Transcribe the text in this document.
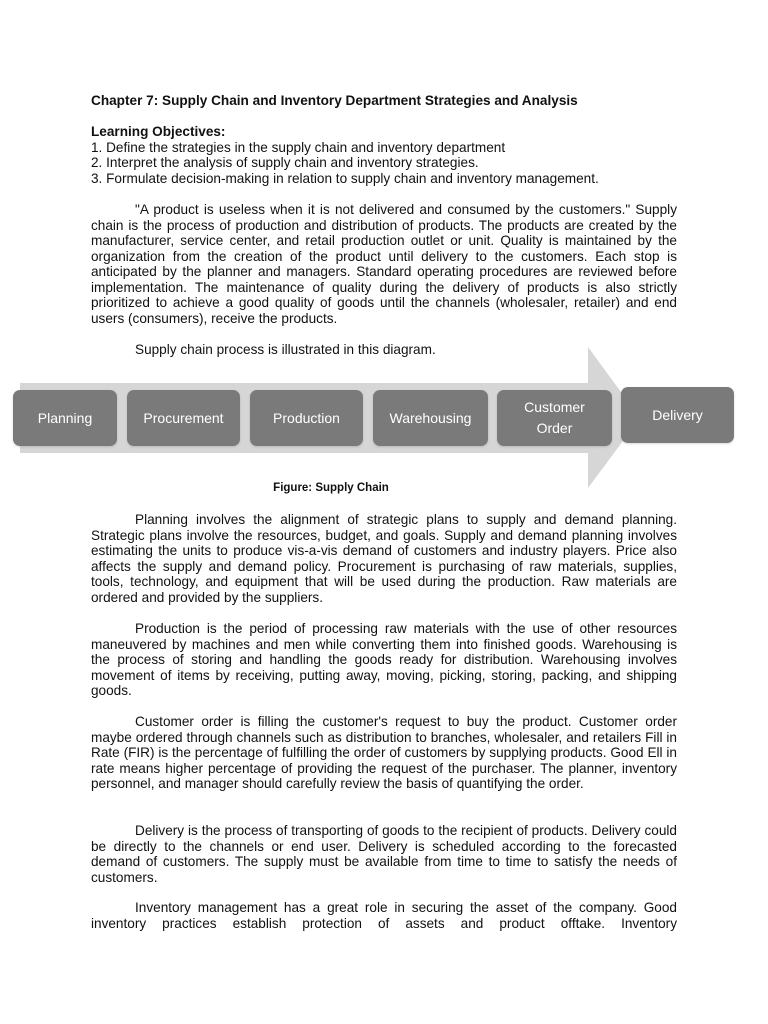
Chapter 7: Supply Chain and Inventory Department Strategies and Analysis
Learning Objectives:
1. Define the strategies in the supply chain and inventory department
2. Interpret the analysis of supply chain and inventory strategies.
3. Formulate decision-making in relation to supply chain and inventory management.

"A product is useless when it is not delivered and consumed by the customers." Supply chain is the process of production and distribution of products. The products are created by the manufacturer, service center, and retail production outlet or unit. Quality is maintained by the organization from the creation of the product until delivery to the customers. Each stop is anticipated by the planner and managers. Standard operating procedures are reviewed before implementation. The maintenance of quality during the delivery of products is also strictly prioritized to achieve a good quality of goods until the channels (wholesaler, retailer) and end users (consumers), receive the products.

Supply chain process is illustrated in this diagram.

Planning	Procurement	Production	Warehousing
Customer Order
Delivery
Figure: Supply Chain

Planning involves the alignment of strategic plans to supply and demand planning. Strategic plans involve the resources, budget, and goals. Supply and demand planning involves estimating the units to produce vis-a-vis demand of customers and industry players. Price also affects the supply and demand policy. Procurement is purchasing of raw materials, supplies, tools, technology, and equipment that will be used during the production. Raw materials are ordered and provided by the suppliers.

Production is the period of processing raw materials with the use of other resources maneuvered by machines and men while converting them into finished goods. Warehousing is the process of storing and handling the goods ready for distribution. Warehousing involves movement of items by receiving, putting away, moving, picking, storing, packing, and shipping goods.

Customer order is filling the customer's request to buy the product. Customer order maybe ordered through channels such as distribution to branches, wholesaler, and retailers Fill in Rate (FIR) is the percentage of fulfilling the order of customers by supplying products. Good Ell in rate means higher percentage of providing the request of the purchaser. The planner, inventory personnel, and manager should carefully review the basis of quantifying the order.

Delivery is the process of transporting of goods to the recipient of products. Delivery could be directly to the channels or end user. Delivery is scheduled according to the forecasted demand of customers. The supply must be available from time to time to satisfy the needs of customers.

Inventory management has a great role in securing the asset of the company. Good inventory practices establish protection of assets and product offtake. Inventory
